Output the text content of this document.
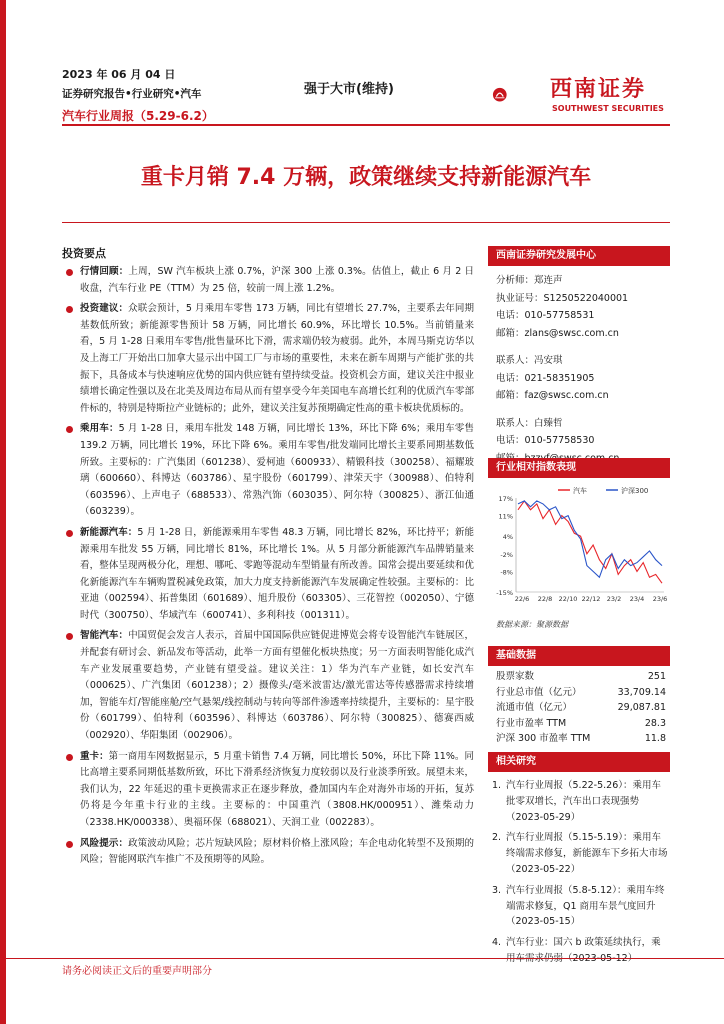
2023 年 06 月 04 日
证券研究报告•行业研究•汽车
汽车行业周报（5.29-6.2）
强于大市(维持)	西南证券
SOUTHWEST SECURITIES
重卡月销 7.4 万辆，政策继续支持新能源汽车
投资要点
行情回顾：上周，SW 汽车板块上涨 0.7%，沪深 300 上涨 0.3%。估值上，截止 6 月 2 日收盘，汽车行业 PE（TTM）为 25 倍，较前一周上涨 1.2%。
投资建议：众联会预计，5 月乘用车零售 173 万辆，同比有望增长 27.7%，主要系去年同期基数低所致；新能源零售预计 58 万辆，同比增长 60.9%，环比增长 10.5%。当前销量来看，5 月 1-28 日乘用车零售/批售量环比下滑，需求端仍较为疲弱。此外，本周马斯克访华以及上海工厂开始出口加拿大显示出中国工厂与市场的重要性，未来在新车周期与产能扩张的共振下，具备成本与快速响应优势的国内供应链有望持续受益。投资机会方面，建议关注中报业绩增长确定性强以及在北美及周边布局从而有望享受今年美国电车高增长红利的优质汽车零部件标的，特别是特斯拉产业链标的；此外，建议关注复苏预期确定性高的重卡板块优质标的。
乘用车：5 月 1-28 日，乘用车批发 148 万辆，同比增长 13%，环比下降 6%；乘用车零售 139.2 万辆，同比增长 19%，环比下降 6%。乘用车零售/批发端同比增长主要系同期基数低所致。主要标的：广汽集团（601238）、爱柯迪（600933）、精锻科技（300258）、福耀玻璃（600660）、科博达（603786）、星宇股份（601799）、津荣天宇（300988）、伯特利（603596）、上声电子（688533）、常熟汽饰（603035）、阿尔特（300825）、浙江仙通（603239）。
新能源汽车：5 月 1-28 日，新能源乘用车零售 48.3 万辆，同比增长 82%，环比持平；新能源乘用车批发 55 万辆，同比增长 81%，环比增长 1%。从 5 月部分新能源汽车品牌销量来看，整体呈现两极分化，理想、哪吒、零跑等混动车型销量有所改善。国常会提出要延续和优化新能源汽车车辆购置税减免政策，加大力度支持新能源汽车发展确定性较强。主要标的：比亚迪（002594）、拓普集团（601689）、旭升股份（603305）、三花智控（002050）、宁德时代（300750）、华域汽车（600741）、多利科技（001311）。
智能汽车：中国贸促会发言人表示，首届中国国际供应链促进博览会将专设智能汽车链展区，并配套有研讨会、新品发布等活动，此举一方面有望催化板块热度；另一方面表明智能化成汽车产业发展重要趋势，产业链有望受益。建议关注：1）华为汽车产业链，如长安汽车（000625）、广汽集团（601238）；2）摄像头/毫米波雷达/激光雷达等传感器需求持续增加，智能车灯/智能座舱/空气悬架/线控制动与转向等部件渗透率持续提升，主要标的：星宇股份（601799）、伯特利（603596）、科博达（603786）、阿尔特（300825）、德赛西威（002920）、华阳集团（002906）。
重卡：第一商用车网数据显示，5 月重卡销售 7.4 万辆，同比增长 50%，环比下降 11%。同比高增主要系同期低基数所致，环比下滑系经济恢复力度较弱以及行业淡季所致。展望未来，我们认为，22 年延迟的重卡更换需求正在逐步释放，叠加国内车企对海外市场的开拓，复苏仍将是今年重卡行业的主线。主要标的：中国重汽（3808.HK/000951）、潍柴动力（2338.HK/000338）、奥福环保（688021）、天润工业（002283）。
风险提示：政策波动风险；芯片短缺风险；原材料价格上涨风险；车企电动化转型不及预期的风险；智能网联汽车推广不及预期等的风险。
西南证券研究发展中心
分析师：郑连声
执业证号：S1250522040001
电话：010-57758531
邮箱：zlans@swsc.com.cn
联系人：冯安琪
电话：021-58351905
邮箱：faz@swsc.com.cn
联系人：白臻哲
电话：010-57758530
行业相对指数表现
17%
11%
4%
-2%
-8%
-15%
22/6 22/8 22/10 22/12 23/2 23/4 23/6
汽车	沪深300
数据来源：聚源数据
基础数据
股票家数	251
行业总市值（亿元）	33,709.14
流通市值（亿元）	29,087.81
行业市盈率 TTM	28.3
沪深 300 市盈率 TTM	11.8
相关研究
1. 汽车行业周报（5.22-5.26）：乘用车批零双增长，汽车出口表现强势（2023-05-29）
2. 汽车行业周报（5.15-5.19）：乘用车终端需求修复，新能源车下乡拓大市场（2023-05-22）
3. 汽车行业周报（5.8-5.12）：乘用车终端需求修复，Q1 商用车景气度回升（2023-05-15）
4. 汽车行业：国六 b 政策延续执行，乘
请务必阅读正文后的重要声明部分
